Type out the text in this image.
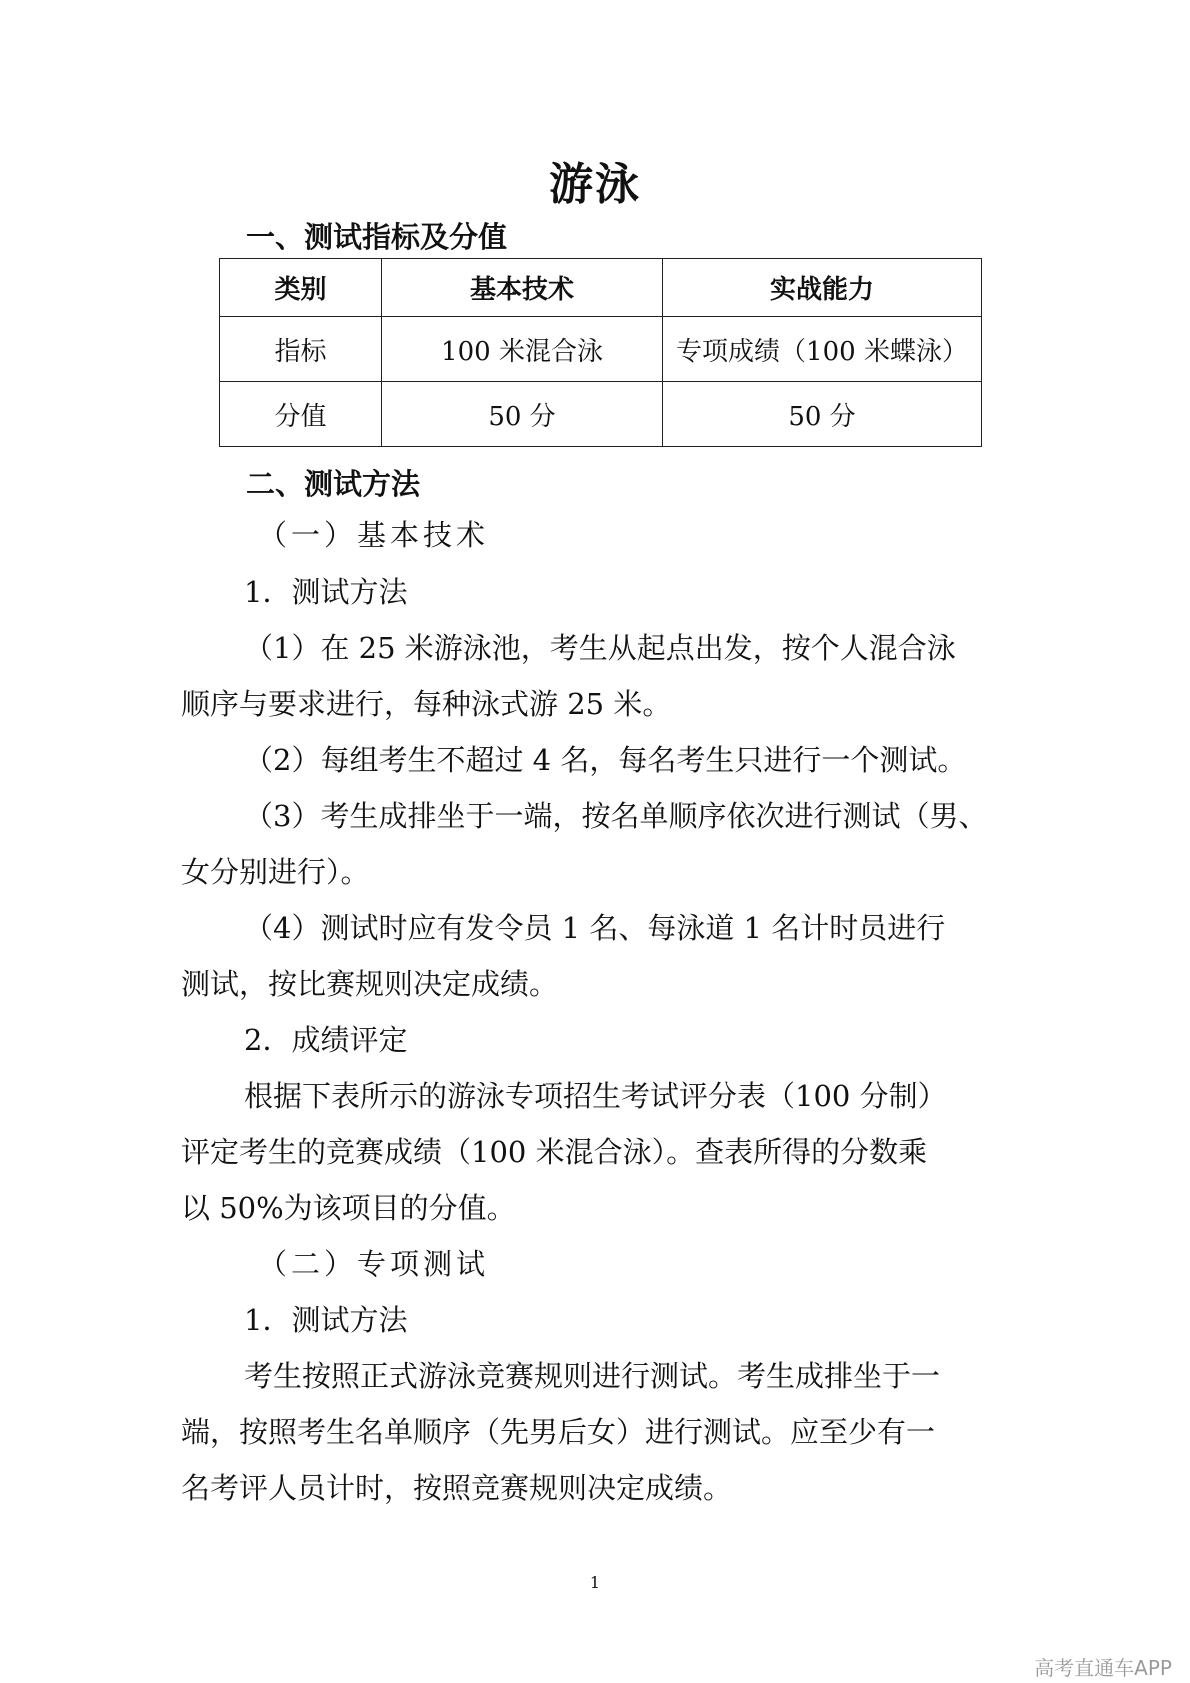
游泳
一、测试指标及分值
类别	基本技术	实战能力
指标	100 米混合泳	专项成绩（100 米蝶泳）
分值	50 分	50 分
二、测试方法
（一）基本技术
1．测试方法
（1）在 25 米游泳池，考生从起点出发，按个人混合泳
顺序与要求进行，每种泳式游 25 米。
（2）每组考生不超过 4 名，每名考生只进行一个测试。
（3）考生成排坐于一端，按名单顺序依次进行测试（男、
女分别进行）。
（4）测试时应有发令员 1 名、每泳道 1 名计时员进行
测试，按比赛规则决定成绩。
2．成绩评定
根据下表所示的游泳专项招生考试评分表（100 分制）
评定考生的竞赛成绩（100 米混合泳）。查表所得的分数乘
以 50%为该项目的分值。
（二）专项测试
1．测试方法
考生按照正式游泳竞赛规则进行测试。考生成排坐于一
端，按照考生名单顺序（先男后女）进行测试。应至少有一
名考评人员计时，按照竞赛规则决定成绩。
1
高考直通车APP
